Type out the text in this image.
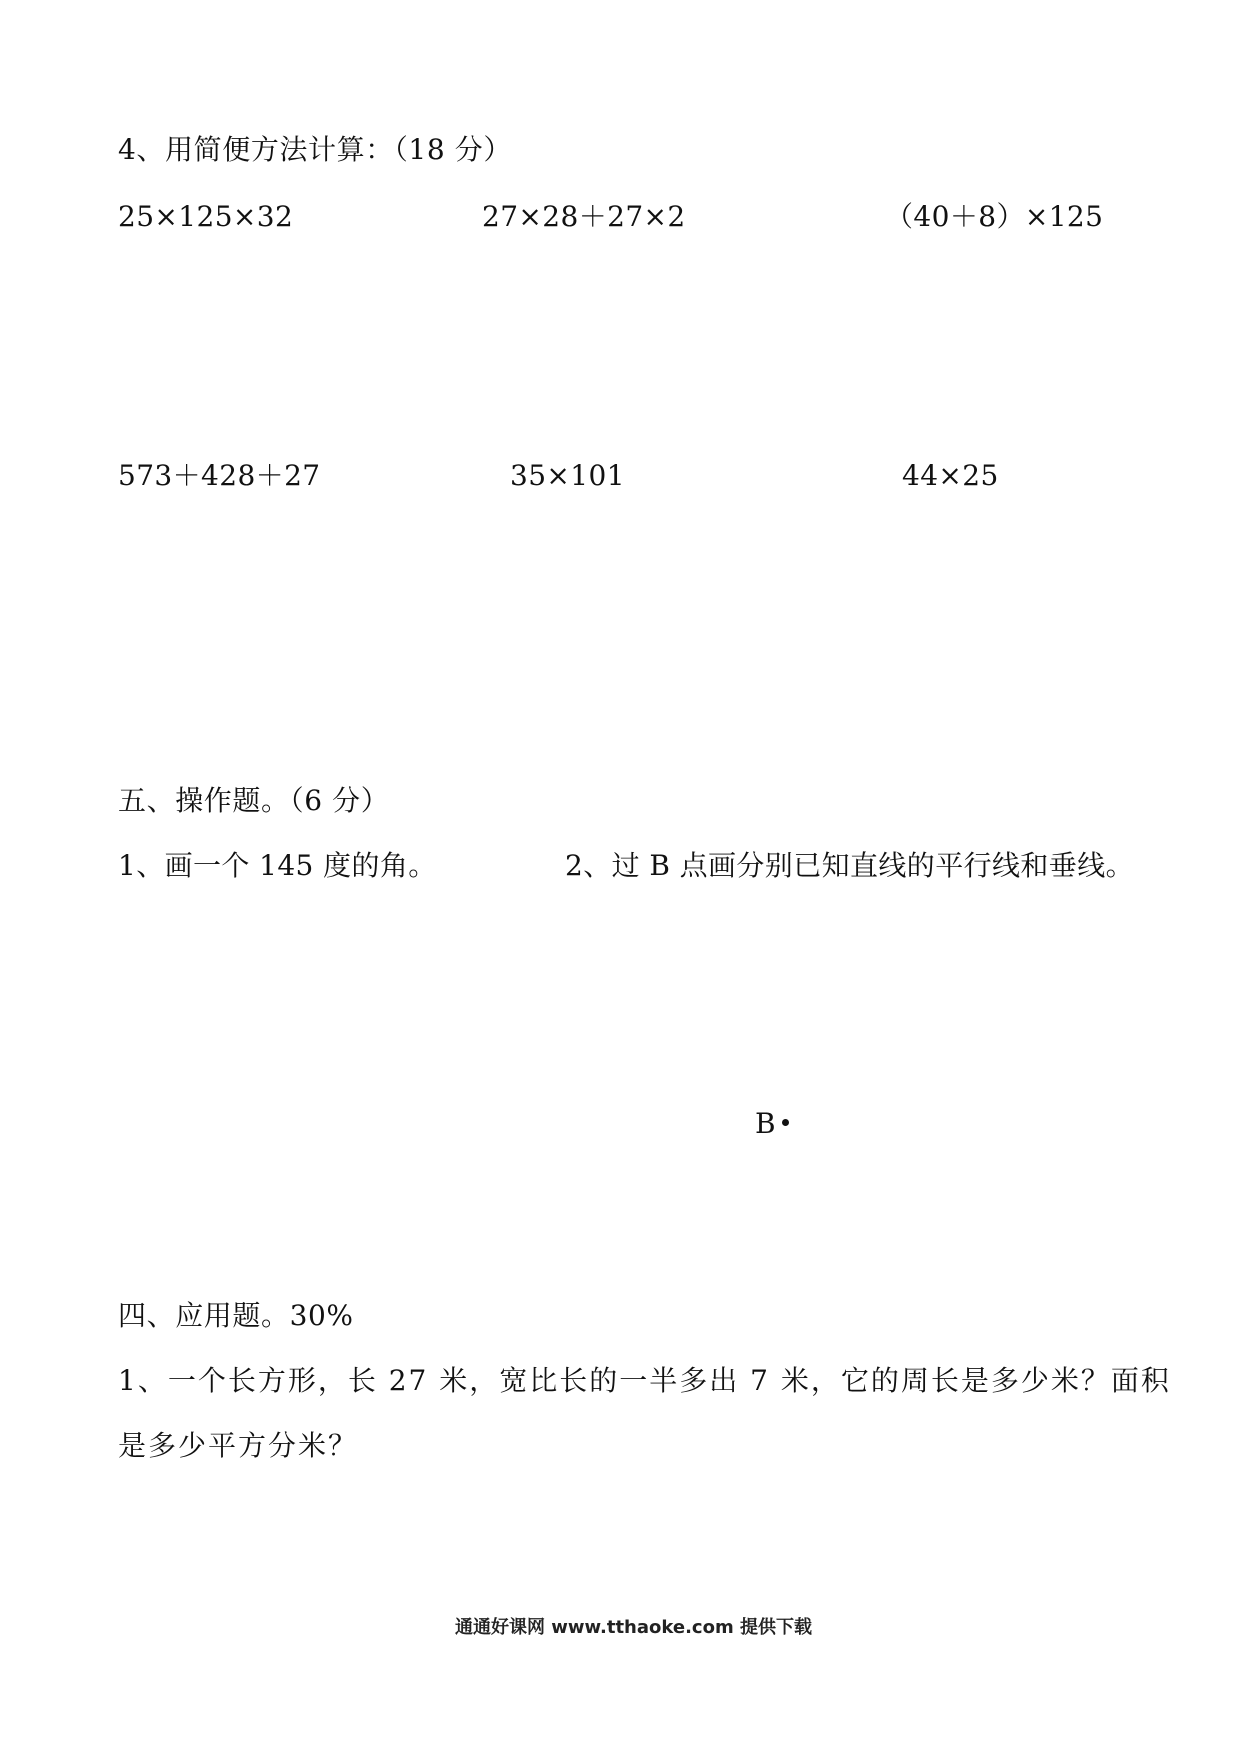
4、用简便方法计算：（18 分）
25×125×32	27×28＋27×2	（40＋8）×125
573＋428＋27	35×101	44×25
五、操作题。（6 分）
1、画一个 145 度的角。	2、过 B 点画分别已知直线的平行线和垂线。
B
四、应用题。30%
1、一个长方形，长 27 米，宽比长的一半多出 7 米，它的周长是多少米？面积
是多少平方分米？
通通好课网 www.tthaoke.com 提供下载
